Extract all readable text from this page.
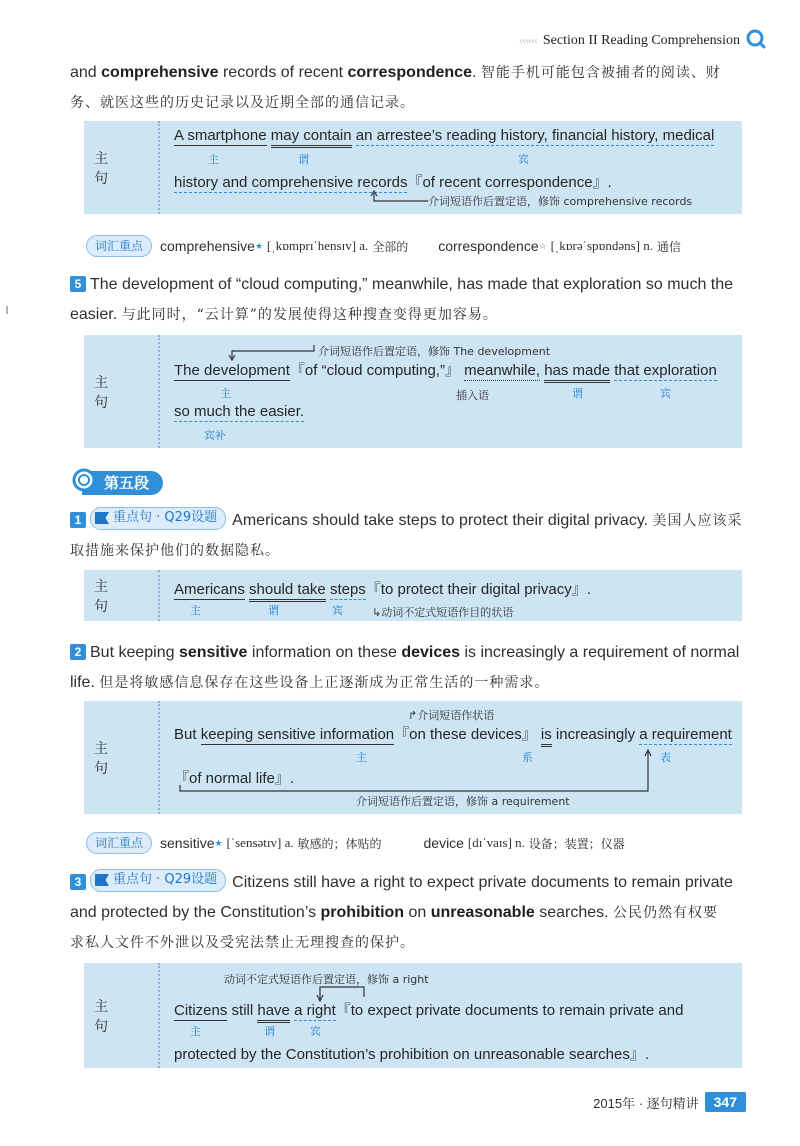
‹‹‹‹‹‹ Section II Reading Comprehension
and comprehensive records of recent correspondence. 智能手机可能包含被捕者的阅读、财
务、就医这些的历史记录以及近期全部的通信记录。
主 句
A smartphone may contain an arrestee’s reading history, financial history, medical
主	谓	宾
history and comprehensive records『of recent correspondence』.
介词短语作后置定语，修饰 comprehensive records
词汇重点	comprehensive ★
[ˌkɒmprɪˈhensɪv] a.
全部的 correspondence ☆
[ˌkɒrəˈspɒndəns] n.
通信
5 The development of “cloud computing,” meanwhile, has made that exploration so much the
easier. 与此同时，“云计算”的发展使得这种搜查变得更加容易。
主 句
介词短语作后置定语，修饰 The development
The development『of “cloud computing,”』 meanwhile, has made that exploration
主	插入语	谓	宾
so much the easier.
宾补
第五段
1 重点句 · Q29设题 Americans should take steps to protect their digital privacy. 美国人应该采
取措施来保护他们的数据隐私。
主 句
Americans should take steps『to protect their digital privacy』.
主	谓	宾	↳动词不定式短语作目的状语
2 But keeping sensitive information on these devices is increasingly a requirement of normal
life. 但是将敏感信息保存在这些设备上正逐渐成为正常生活的一种需求。
主 句
↱介词短语作状语
But keeping sensitive information『on these devices』 is increasingly a requirement
主	系	表
『of normal life』.
介词短语作后置定语，修饰 a requirement
词汇重点	sensitive ★
[ˈsensətɪv] a.
敏感的；体贴的	device
[dɪˈvaɪs] n.
设备；装置；仪器
3 重点句 · Q29设题 Citizens still have a right to expect private documents to remain private
and protected by the Constitution’s prohibition on unreasonable searches. 公民仍然有权要
求私人文件不外泄以及受宪法禁止无理搜查的保护。
主 句
动词不定式短语作后置定语，修饰 a right
Citizens still have a right『to expect private documents to remain private and
主	谓	宾
protected by the Constitution’s prohibition on unreasonable searches』.
2015年 · 逐句精讲	347
